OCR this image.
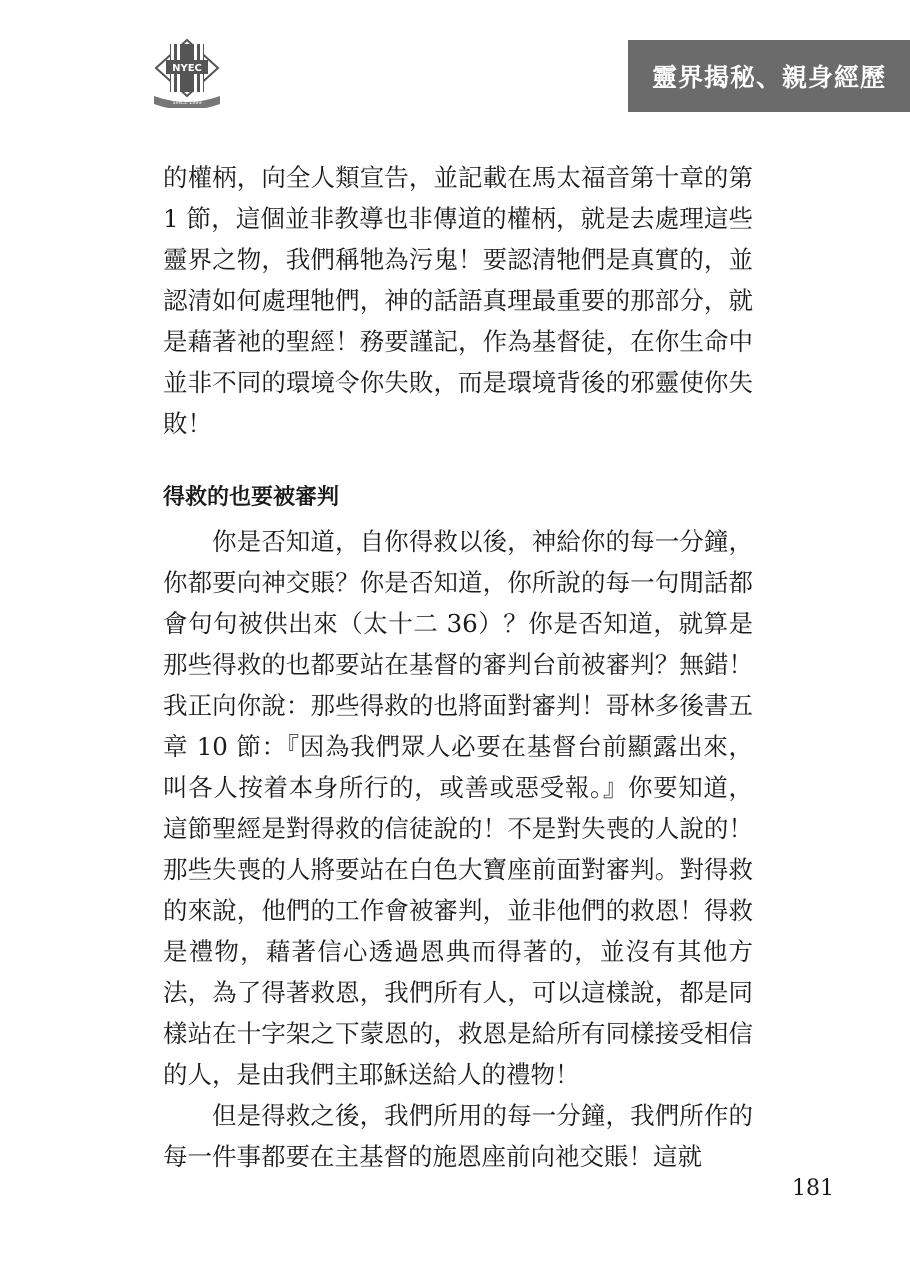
NYEC
SINCE 1999
靈界揭秘、親身經歷

的權柄，向全人類宣告，並記載在馬太福音第十章的第 1 節，這個並非教導也非傳道的權柄，就是去處理這些靈界之物，我們稱牠為污鬼！要認清牠們是真實的，並認清如何處理牠們，神的話語真理最重要的那部分，就是藉著祂的聖經！務要謹記，作為基督徒，在你生命中並非不同的環境令你失敗，而是環境背後的邪靈使你失敗！

得救的也要被審判

你是否知道，自你得救以後，神給你的每一分鐘，你都要向神交賬？你是否知道，你所說的每一句閒話都會句句被供出來（太十二 36）？你是否知道，就算是那些得救的也都要站在基督的審判台前被審判？無錯！我正向你說：那些得救的也將面對審判！哥林多後書五章 10 節：『因為我們眾人必要在基督台前顯露出來，叫各人按着本身所行的，或善或惡受報。』你要知道，這節聖經是對得救的信徒說的！不是對失喪的人說的！那些失喪的人將要站在白色大寶座前面對審判。對得救的來說，他們的工作會被審判，並非他們的救恩！得救是禮物，藉著信心透過恩典而得著的，並沒有其他方法，為了得著救恩，我們所有人，可以這樣說，都是同樣站在十字架之下蒙恩的，救恩是給所有同樣接受相信的人，是由我們主耶穌送給人的禮物！

但是得救之後，我們所用的每一分鐘，我們所作的每一件事都要在主基督的施恩座前向祂交賬！這就

181
